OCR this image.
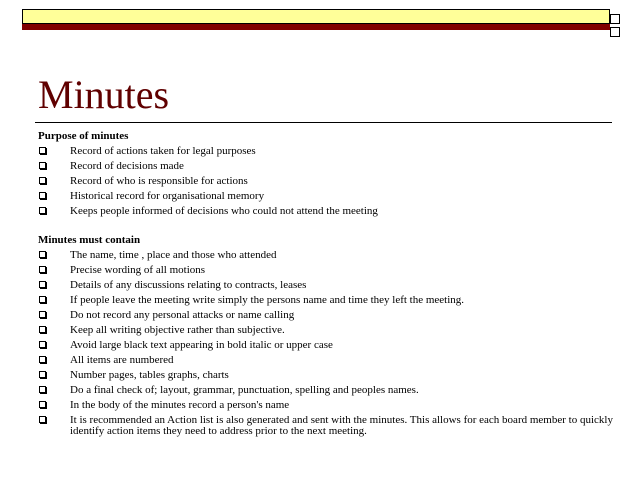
Minutes
Purpose of minutes
Record of actions taken for legal purposes
Record of decisions made
Record of who is responsible for actions
Historical record for organisational memory
Keeps people informed of decisions who could not attend the meeting
Minutes must contain
The name, time , place and those who attended
Precise wording of all motions
Details of any discussions relating to contracts, leases
If people leave the meeting write simply the persons name and time they left the meeting.
Do not record any personal attacks or name calling
Keep all writing objective rather than subjective.
Avoid large black text appearing in bold italic or upper case
All items are numbered
Number pages, tables graphs, charts
Do a final check of; layout, grammar, punctuation, spelling and peoples names.
In the body of the minutes record a person's name
It is recommended an Action list is also generated and sent with the minutes. This allows for each board member to quickly identify action items they need to address prior to the next meeting.
